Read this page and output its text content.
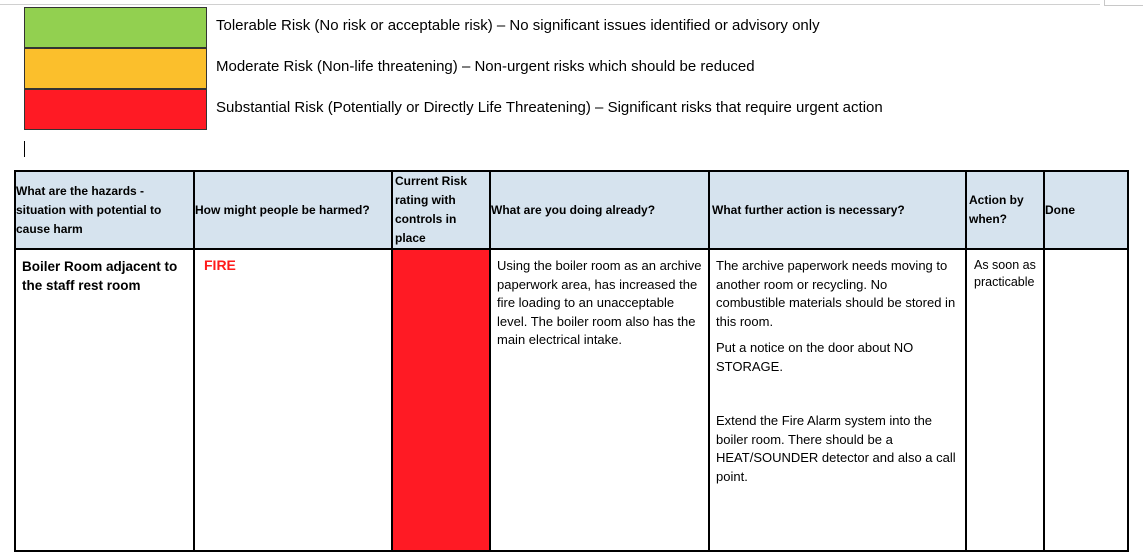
Tolerable Risk (No risk or acceptable risk) – No significant issues identified or advisory only
Moderate Risk (Non-life threatening) – Non-urgent risks which should be reduced
Substantial Risk (Potentially or Directly Life Threatening) – Significant risks that require urgent action
What are the hazards - situation with potential to cause harm	How might people be harmed?	Current Risk rating with controls in place	What are you doing already?	What further action is necessary?	Action by when?	Done

Boiler Room adjacent to the staff rest room	FIRE		Using the boiler room as an archive paperwork area, has increased the fire loading to an unacceptable level. The boiler room also has the main electrical intake.	The archive paperwork needs moving to another room or recycling. No combustible materials should be stored in this room.
Put a notice on the door about NO STORAGE.
Extend the Fire Alarm system into the boiler room. There should be a HEAT/SOUNDER detector and also a call point.	As soon as practicable	
